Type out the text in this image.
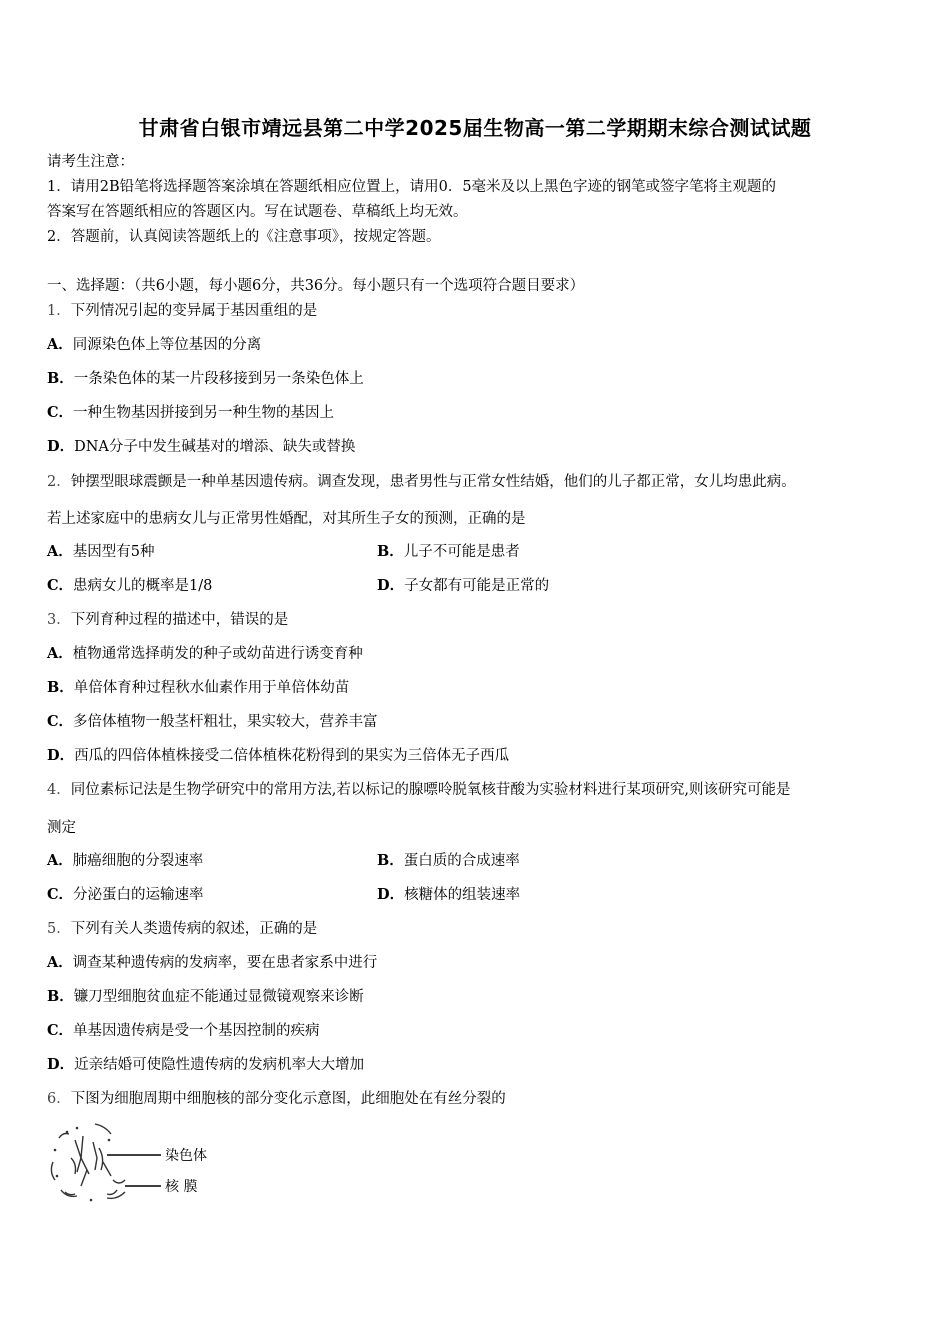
甘肃省白银市靖远县第二中学2025届生物高一第二学期期末综合测试试题
请考生注意：
1．请用2B铅笔将选择题答案涂填在答题纸相应位置上，请用0．5毫米及以上黑色字迹的钢笔或签字笔将主观题的
答案写在答题纸相应的答题区内。写在试题卷、草稿纸上均无效。
2．答题前，认真阅读答题纸上的《注意事项》，按规定答题。
一、选择题：（共6小题，每小题6分，共36分。每小题只有一个选项符合题目要求）
1．下列情况引起的变异属于基因重组的是
A．同源染色体上等位基因的分离
B．一条染色体的某一片段移接到另一条染色体上
C．一种生物基因拼接到另一种生物的基因上
D．DNA分子中发生碱基对的增添、缺失或替换
2．钟摆型眼球震颤是一种单基因遗传病。调查发现，患者男性与正常女性结婚，他们的儿子都正常，女儿均患此病。
若上述家庭中的患病女儿与正常男性婚配，对其所生子女的预测，正确的是
A．基因型有5种	B．儿子不可能是患者
C．患病女儿的概率是1/8	D．子女都有可能是正常的
3．下列育种过程的描述中，错误的是
A．植物通常选择萌发的种子或幼苗进行诱变育种
B．单倍体育种过程秋水仙素作用于单倍体幼苗
C．多倍体植物一般茎杆粗壮，果实较大，营养丰富
D．西瓜的四倍体植株接受二倍体植株花粉得到的果实为三倍体无子西瓜
4．同位素标记法是生物学研究中的常用方法,若以标记的腺嘌呤脱氧核苷酸为实验材料进行某项研究,则该研究可能是
测定
A．肺癌细胞的分裂速率	B．蛋白质的合成速率
C．分泌蛋白的运输速率	D．核糖体的组装速率
5．下列有关人类遗传病的叙述，正确的是
A．调查某种遗传病的发病率，要在患者家系中进行
B．镰刀型细胞贫血症不能通过显微镜观察来诊断
C．单基因遗传病是受一个基因控制的疾病
D．近亲结婚可使隐性遗传病的发病机率大大增加
6．下图为细胞周期中细胞核的部分变化示意图，此细胞处在有丝分裂的
染色体
核 膜
